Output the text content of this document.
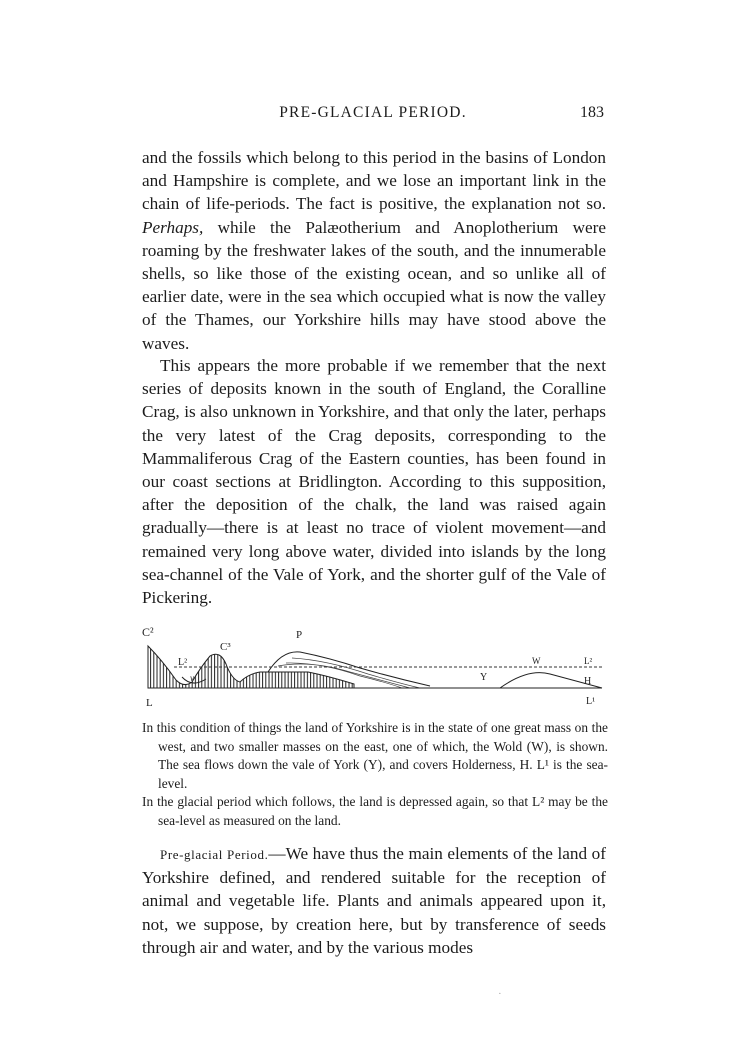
PRE-GLACIAL PERIOD.	183

and the fossils which belong to this period in the basins of London and Hampshire is complete, and we lose an important link in the chain of life-periods. The fact is positive, the explanation not so. Perhaps, while the Palæotherium and Anoplotherium were roaming by the freshwater lakes of the south, and the innumerable shells, so like those of the existing ocean, and so unlike all of earlier date, were in the sea which occupied what is now the valley of the Thames, our Yorkshire hills may have stood above the waves.

This appears the more probable if we remember that the next series of deposits known in the south of England, the Coralline Crag, is also unknown in Yorkshire, and that only the later, perhaps the very latest of the Crag deposits, corresponding to the Mammaliferous Crag of the Eastern counties, has been found in our coast sections at Bridlington. According to this supposition, after the deposition of the chalk, the land was raised again gradually—there is at least no trace of violent movement—and remained very long above water, divided into islands by the long sea-channel of the Vale of York, and the shorter gulf of the Vale of Pickering.

C²
C³
P
L²
v
L
Y
W	L²
H
L¹

In this condition of things the land of Yorkshire is in the state of one great mass on the west, and two smaller masses on the east, one of which, the Wold (W), is shown. The sea flows down the vale of York (Y), and covers Holderness, H. L¹ is the sea-level.

In the glacial period which follows, the land is depressed again, so that L² may be the sea-level as measured on the land.

Pre-glacial Period.—We have thus the main elements of the land of Yorkshire defined, and rendered suitable for the reception of animal and vegetable life. Plants and animals appeared upon it, not, we suppose, by creation here, but by transference of seeds through air and water, and by the various modes

·
